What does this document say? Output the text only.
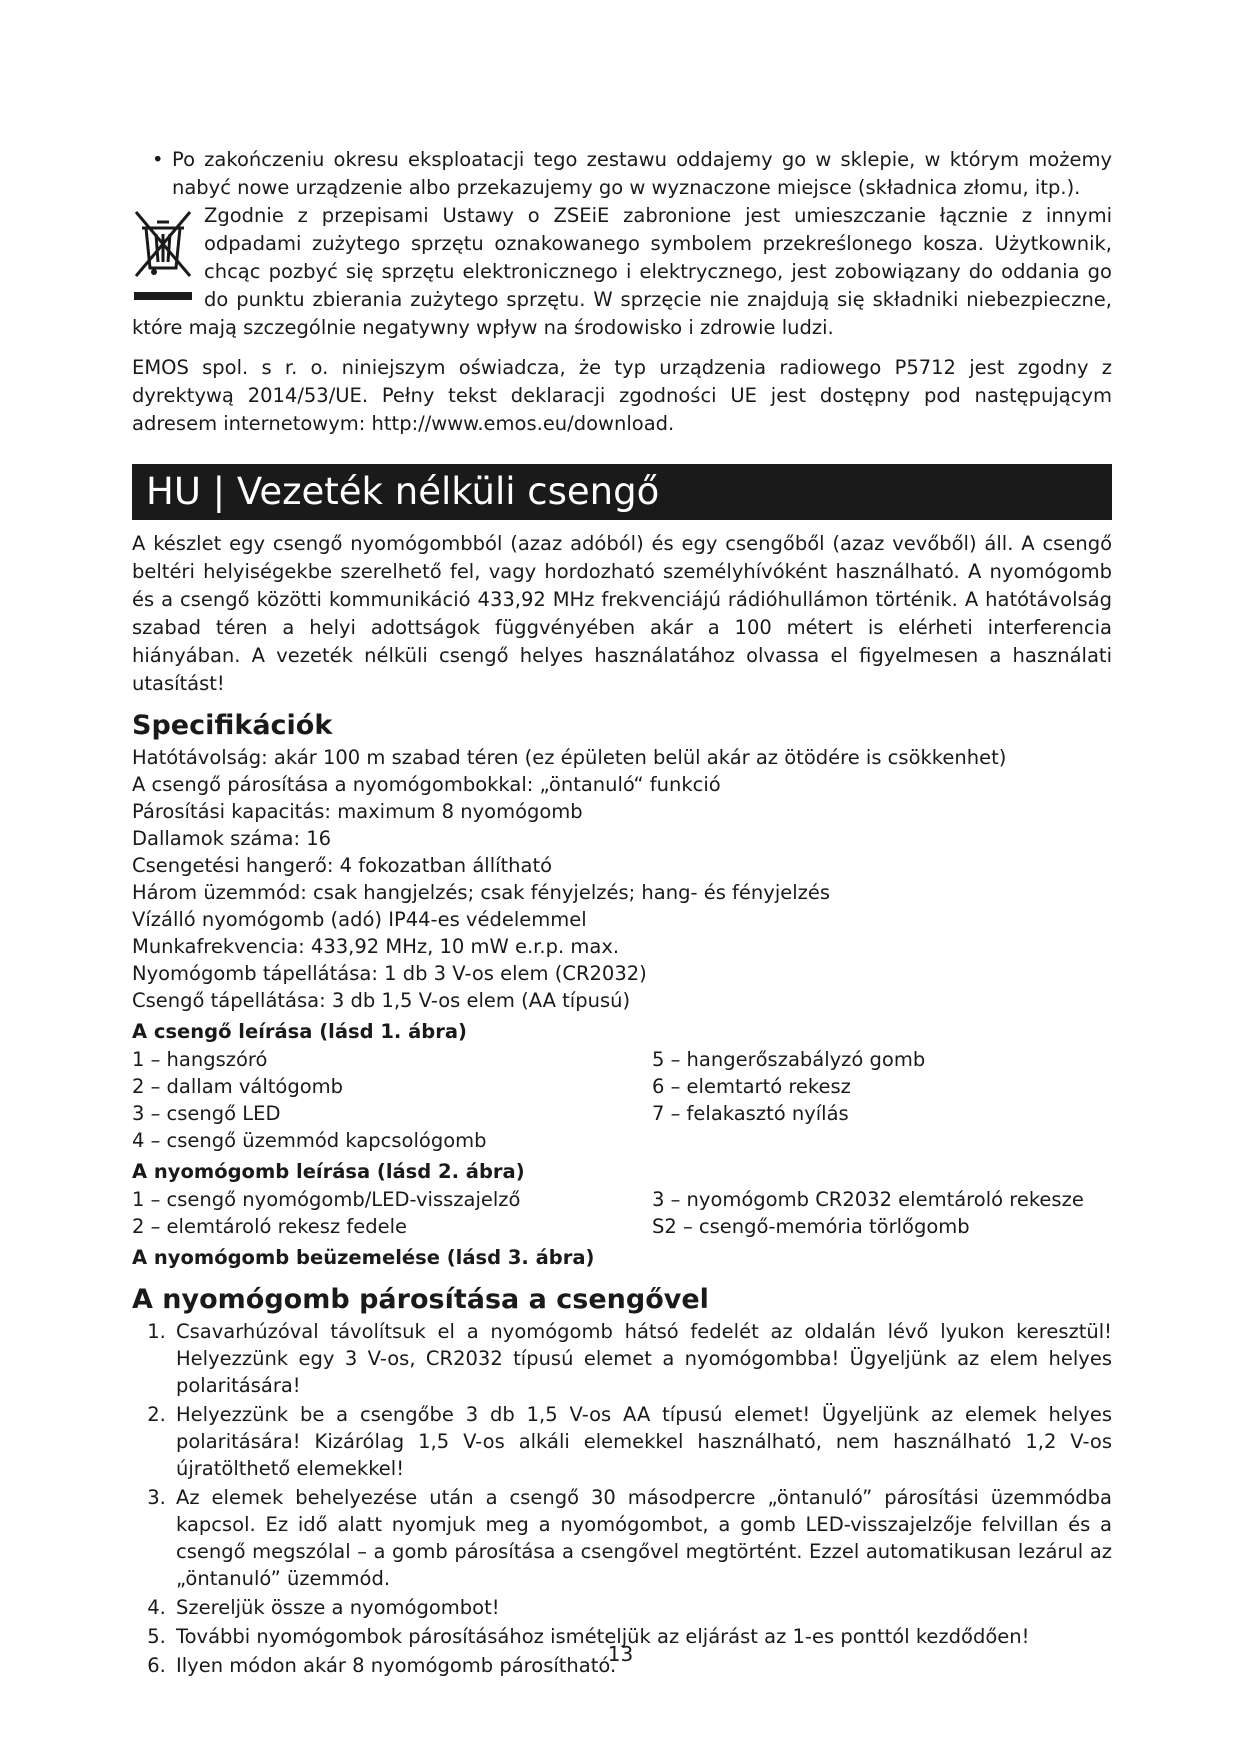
• Po zakończeniu okresu eksploatacji tego zestawu oddajemy go w sklepie, w którym możemy nabyć nowe urządzenie albo przekazujemy go w wyznaczone miejsce (składnica złomu, itp.).
Zgodnie z przepisami Ustawy o ZSEiE zabronione jest umieszczanie łącznie z innymi odpadami zużytego sprzętu oznakowanego symbolem przekreślonego kosza. Użytkownik, chcąc pozbyć się sprzętu elektronicznego i elektrycznego, jest zobowiązany do oddania go do punktu zbierania zużytego sprzętu. W sprzęcie nie znajdują się składniki niebezpieczne, które mają szczególnie negatywny wpływ na środowisko i zdrowie ludzi.

EMOS spol. s r. o. niniejszym oświadcza, że typ urządzenia radiowego P5712 jest zgodny z dyrektywą 2014/53/UE. Pełny tekst deklaracji zgodności UE jest dostępny pod następującym adresem internetowym: http://www.emos.eu/download.

HU | Vezeték nélküli csengő

A készlet egy csengő nyomógombból (azaz adóból) és egy csengőből (azaz vevőből) áll. A csengő beltéri helyiségekbe szerelhető fel, vagy hordozható személyhívóként használható. A nyomógomb és a csengő közötti kommunikáció 433,92 MHz frekvenciájú rádióhullámon történik. A hatótávolság szabad téren a helyi adottságok függvényében akár a 100 métert is elérheti interferencia hiányában. A vezeték nélküli csengő helyes használatához olvassa el figyelmesen a használati utasítást!

Specifikációk

Hatótávolság: akár 100 m szabad téren (ez épületen belül akár az ötödére is csökkenhet)

A csengő párosítása a nyomógombokkal: „öntanuló“ funkció

Párosítási kapacitás: maximum 8 nyomógomb

Dallamok száma: 16

Csengetési hangerő: 4 fokozatban állítható

Három üzemmód: csak hangjelzés; csak fényjelzés; hang- és fényjelzés

Vízálló nyomógomb (adó) IP44-es védelemmel

Munkafrekvencia: 433,92 MHz, 10 mW e.r.p. max.

Nyomógomb tápellátása: 1 db 3 V-os elem (CR2032)

Csengő tápellátása: 3 db 1,5 V-os elem (AA típusú)

A csengő leírása (lásd 1. ábra)

1 – hangszóró	5 – hangerőszabályzó gomb
2 – dallam váltógomb	6 – elemtartó rekesz
3 – csengő LED	7 – felakasztó nyílás
4 – csengő üzemmód kapcsológomb

A nyomógomb leírása (lásd 2. ábra)

1 – csengő nyomógomb/LED-visszajelző	3 – nyomógomb CR2032 elemtároló rekesze
2 – elemtároló rekesz fedele	S2 – csengő-memória törlőgomb

A nyomógomb beüzemelése (lásd 3. ábra)

A nyomógomb párosítása a csengővel
1. Csavarhúzóval távolítsuk el a nyomógomb hátsó fedelét az oldalán lévő lyukon keresztül! Helyezzünk egy 3 V-os, CR2032 típusú elemet a nyomógombba! Ügyeljünk az elem helyes polaritására!
2. Helyezzünk be a csengőbe 3 db 1,5 V-os AA típusú elemet! Ügyeljünk az elemek helyes polaritására! Kizárólag 1,5 V-os alkáli elemekkel használható, nem használható 1,2 V-os újratölthető elemekkel!
3. Az elemek behelyezése után a csengő 30 másodpercre „öntanuló” párosítási üzemmódba kapcsol. Ez idő alatt nyomjuk meg a nyomógombot, a gomb LED-visszajelzője felvillan és a csengő megszólal – a gomb párosítása a csengővel megtörtént. Ezzel automatikusan lezárul az „öntanuló” üzemmód.
4. Szereljük össze a nyomógombot!
5. További nyomógombok párosításához ismételjük az eljárást az 1-es ponttól kezdődően!
6. Ilyen módon akár 8 nyomógomb párosítható.
13
